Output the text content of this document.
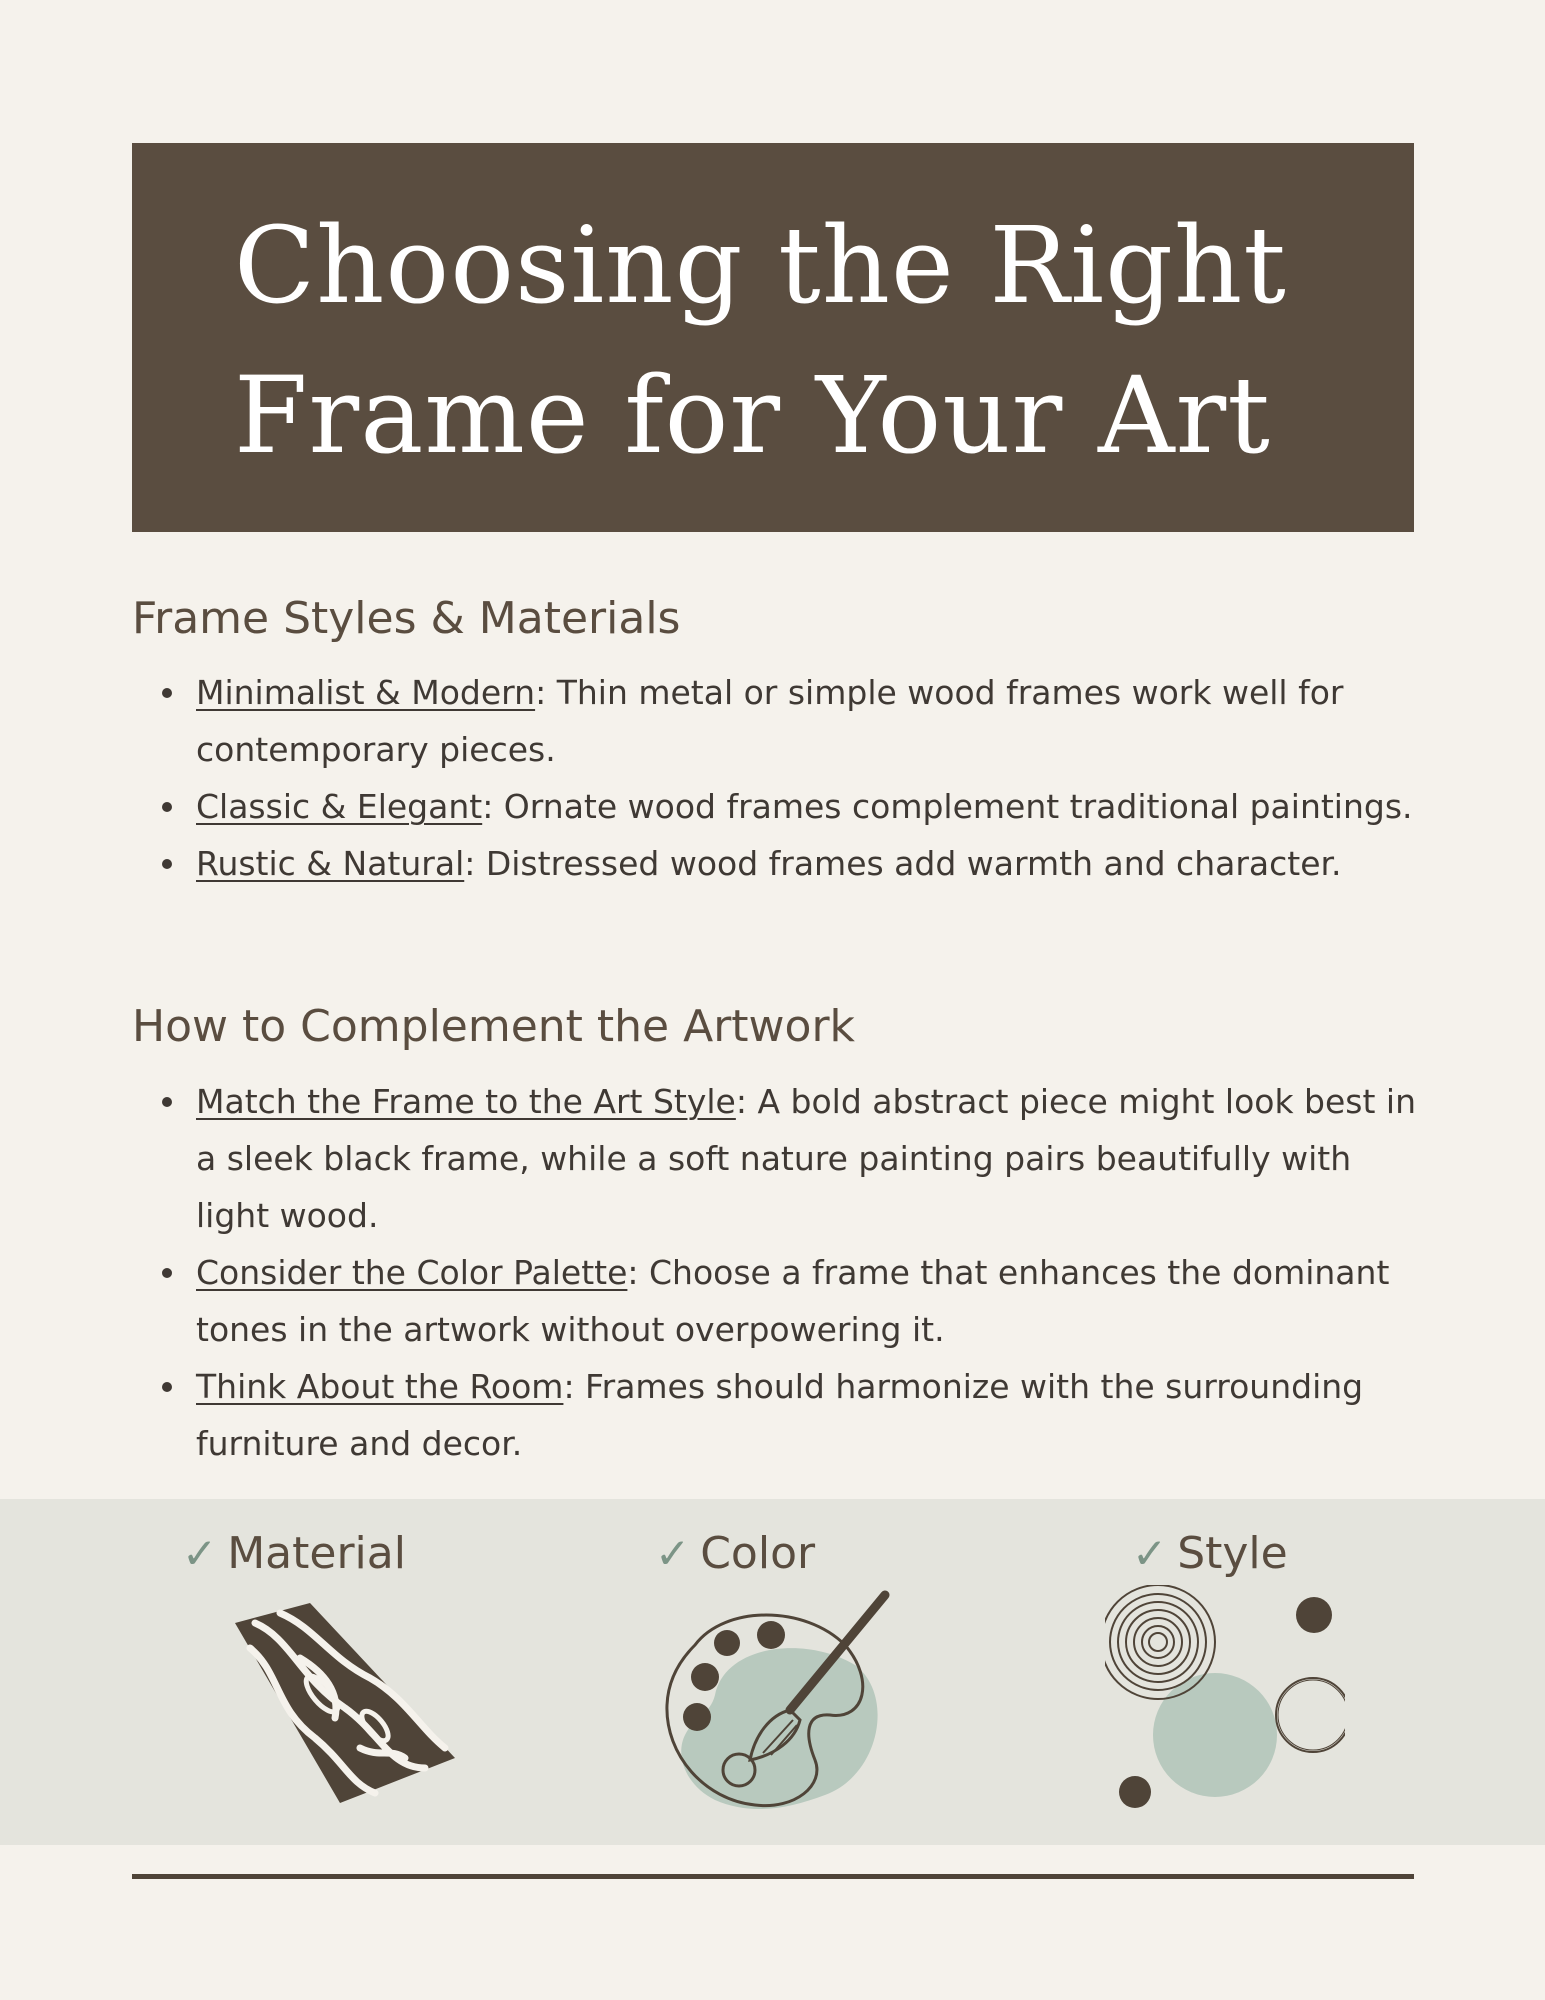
Choosing the Right
Frame for Your Art
Frame Styles & Materials
Minimalist & Modern: Thin metal or simple wood frames work well for contemporary pieces.
Classic & Elegant: Ornate wood frames complement traditional paintings.
Rustic & Natural: Distressed wood frames add warmth and character.
How to Complement the Artwork
Match the Frame to the Art Style: A bold abstract piece might look best in a sleek black frame, while a soft nature painting pairs beautifully with light wood.
Consider the Color Palette: Choose a frame that enhances the dominant tones in the artwork without overpowering it.
Think About the Room: Frames should harmonize with the surrounding furniture and decor.
✓ Material	✓ Color	✓ Style
